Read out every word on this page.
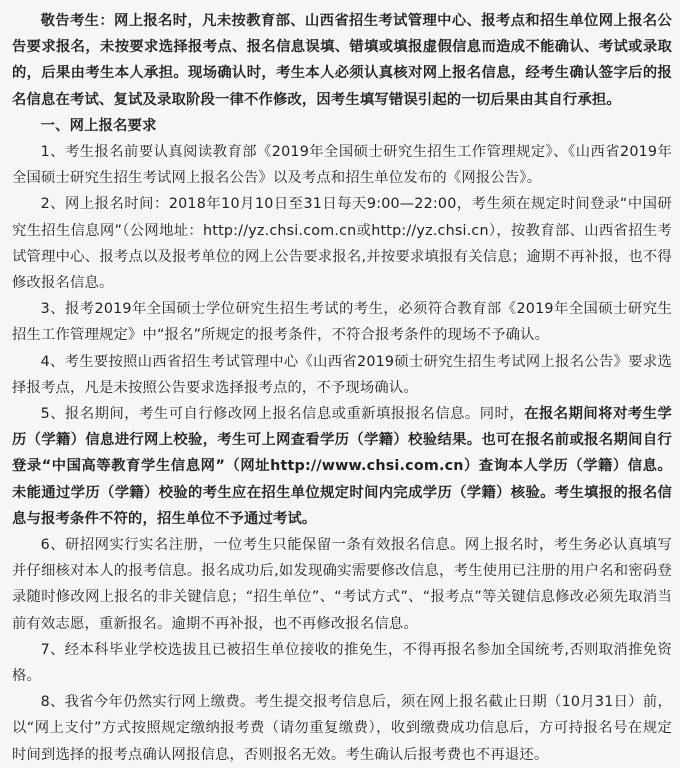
敬告考生：网上报名时，凡未按教育部、山西省招生考试管理中心、报考点和招生单位网上报名公告要求报名，未按要求选择报考点、报名信息误填、错填或填报虚假信息而造成不能确认、考试或录取的，后果由考生本人承担。现场确认时，考生本人必须认真核对网上报名信息，经考生确认签字后的报名信息在考试、复试及录取阶段一律不作修改，因考生填写错误引起的一切后果由其自行承担。

一、网上报名要求

1、考生报名前要认真阅读教育部《2019年全国硕士研究生招生工作管理规定》、《山西省2019年全国硕士研究生招生考试网上报名公告》以及考点和招生单位发布的《网报公告》。

2、网上报名时间：2018年10月10日至31日每天9:00—22:00，考生须在规定时间登录“中国研究生招生信息网”（公网地址：http://yz.chsi.com.cn或http://yz.chsi.cn），按教育部、山西省招生考试管理中心、报考点以及报考单位的网上公告要求报名,并按要求填报有关信息；逾期不再补报，也不得修改报名信息。

3、报考2019年全国硕士学位研究生招生考试的考生，必须符合教育部《2019年全国硕士研究生招生工作管理规定》中“报名”所规定的报考条件，不符合报考条件的现场不予确认。

4、考生要按照山西省招生考试管理中心《山西省2019硕士研究生招生考试网上报名公告》要求选择报考点，凡是未按照公告要求选择报考点的，不予现场确认。

5、报名期间，考生可自行修改网上报名信息或重新填报报名信息。同时，在报名期间将对考生学历（学籍）信息进行网上校验，考生可上网查看学历（学籍）校验结果。也可在报名前或报名期间自行登录“中国高等教育学生信息网”（网址http://www.chsi.com.cn）查询本人学历（学籍）信息。未能通过学历（学籍）校验的考生应在招生单位规定时间内完成学历（学籍）核验。考生填报的报名信息与报考条件不符的，招生单位不予通过考试。

6、研招网实行实名注册，一位考生只能保留一条有效报名信息。网上报名时，考生务必认真填写并仔细核对本人的报考信息。报名成功后,如发现确实需要修改信息，考生使用已注册的用户名和密码登录随时修改网上报名的非关键信息；“招生单位”、“考试方式”、“报考点”等关键信息修改必须先取消当前有效志愿，重新报名。逾期不再补报，也不再修改报名信息。

7、经本科毕业学校选拔且已被招生单位接收的推免生，不得再报名参加全国统考,否则取消推免资格。

8、我省今年仍然实行网上缴费。考生提交报考信息后，须在网上报名截止日期（10月31日）前，以“网上支付”方式按照规定缴纳报考费（请勿重复缴费），收到缴费成功信息后，方可持报名号在规定时间到选择的报考点确认网报信息，否则报名无效。考生确认后报考费也不再退还。
